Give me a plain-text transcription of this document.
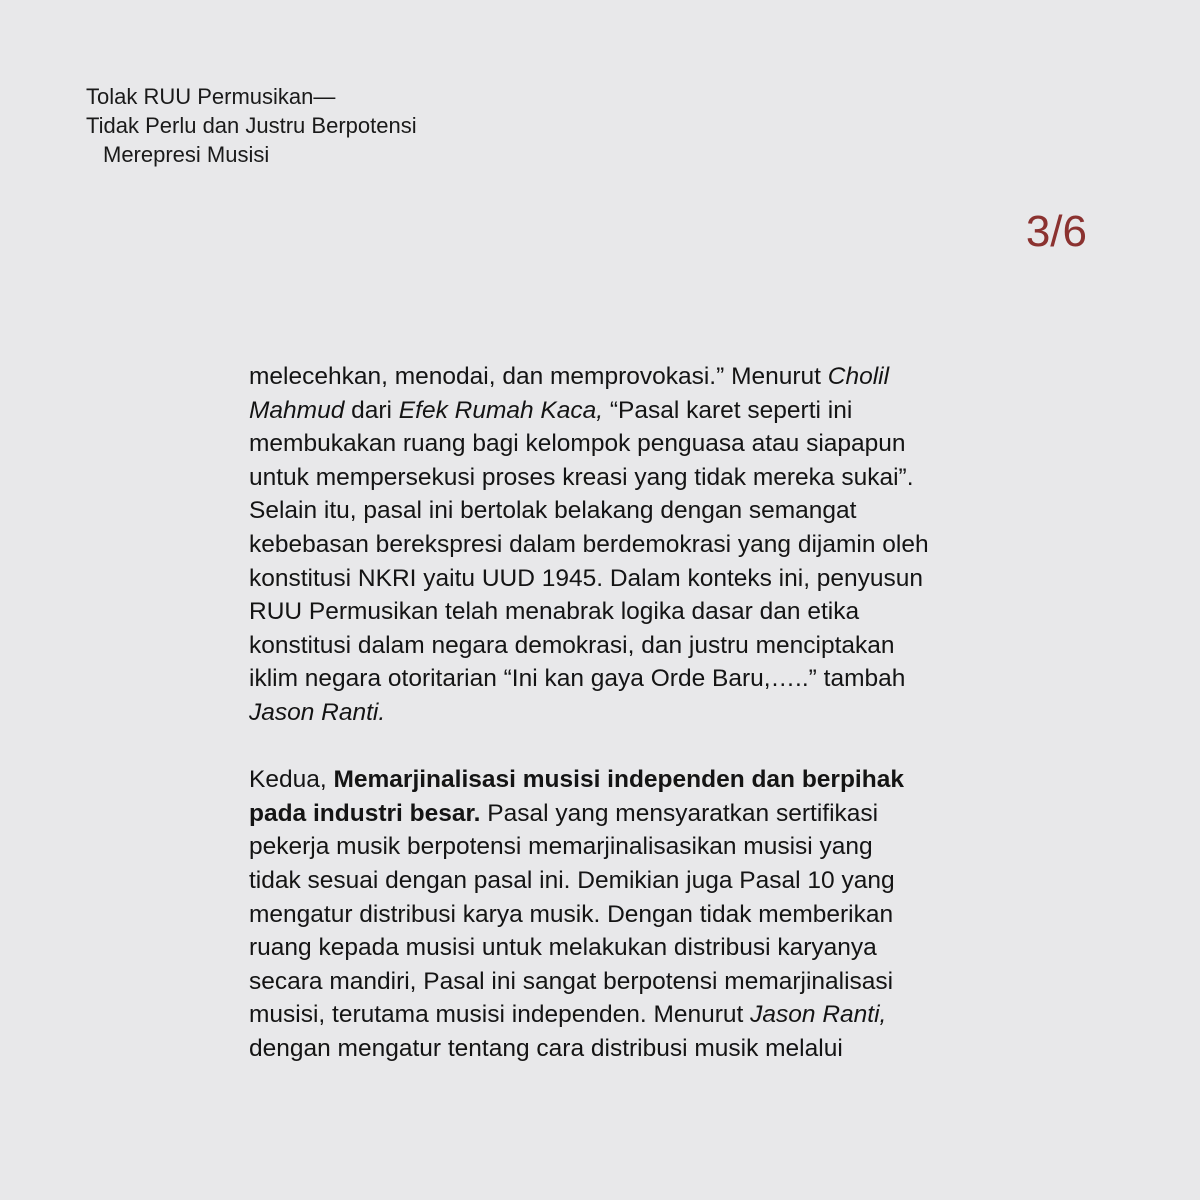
Tolak RUU Permusikan—
Tidak Perlu dan Justru Berpotensi
Merepresi Musisi
3/6
melecehkan, menodai, dan memprovokasi.” Menurut Cholil
Mahmud dari Efek Rumah Kaca, “Pasal karet seperti ini
membukakan ruang bagi kelompok penguasa atau siapapun
untuk mempersekusi proses kreasi yang tidak mereka sukai”.
Selain itu, pasal ini bertolak belakang dengan semangat
kebebasan berekspresi dalam berdemokrasi yang dijamin oleh
konstitusi NKRI yaitu UUD 1945. Dalam konteks ini, penyusun
RUU Permusikan telah menabrak logika dasar dan etika
konstitusi dalam negara demokrasi, dan justru menciptakan
iklim negara otoritarian “Ini kan gaya Orde Baru,…..” tambah
Jason Ranti.
Kedua, Memarjinalisasi musisi independen dan berpihak
pada industri besar. Pasal yang mensyaratkan sertifikasi
pekerja musik berpotensi memarjinalisasikan musisi yang
tidak sesuai dengan pasal ini. Demikian juga Pasal 10 yang
mengatur distribusi karya musik. Dengan tidak memberikan
ruang kepada musisi untuk melakukan distribusi karyanya
secara mandiri, Pasal ini sangat berpotensi memarjinalisasi
musisi, terutama musisi independen. Menurut Jason Ranti,
dengan mengatur tentang cara distribusi musik melalui
